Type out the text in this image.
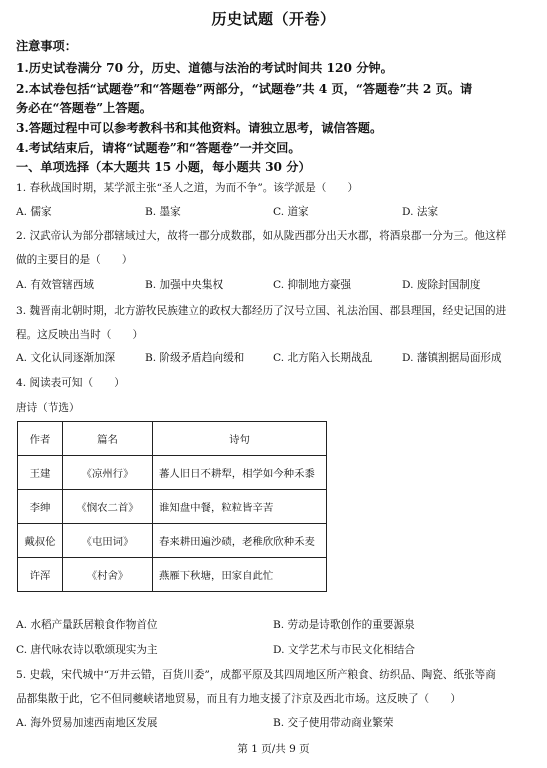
历史试题（开卷）
注意事项：
1.历史试卷满分 70 分，历史、道德与法治的考试时间共 120 分钟。
2.本试卷包括“试题卷”和“答题卷”两部分，“试题卷”共 4 页，“答题卷”共 2 页。请
务必在“答题卷”上答题。
3.答题过程中可以参考教科书和其他资料。请独立思考，诚信答题。
4.考试结束后，请将“试题卷”和“答题卷”一并交回。
一、单项选择（本大题共 15 小题，每小题共 30 分）
1. 春秋战国时期，某学派主张“圣人之道，为而不争”。该学派是（　　）
A. 儒家	B. 墨家	C. 道家	D. 法家
2. 汉武帝认为部分郡辖域过大，故将一郡分成数郡，如从陇西郡分出天水郡，将酒泉郡一分为三。他这样
做的主要目的是（　　）
A. 有效管辖西域	B. 加强中央集权	C. 抑制地方豪强	D. 废除封国制度
3. 魏晋南北朝时期，北方游牧民族建立的政权大都经历了汉号立国、礼法治国、郡县理国，经史记国的进
程。这反映出当时（　　）
A. 文化认同逐渐加深	B. 阶级矛盾趋向缓和	C. 北方陷入长期战乱	D. 藩镇割据局面形成
4. 阅读表可知（　　）
唐诗（节选）
作者	篇名	诗句
王建	《凉州行》	蕃人旧日不耕犁，相学如今种禾黍
李绅	《悯农二首》	谁知盘中餐，粒粒皆辛苦
戴叔伦	《屯田词》	春来耕田遍沙碛，老稚欣欣种禾麦
许浑	《村舍》	燕雁下秋塘，田家自此忙
A. 水稻产量跃居粮食作物首位	B. 劳动是诗歌创作的重要源泉
C. 唐代咏农诗以歌颂现实为主	D. 文学艺术与市民文化相结合
5. 史载，宋代城中“万井云错，百货川委”，成都平原及其四周地区所产粮食、纺织品、陶瓷、纸张等商
品都集散于此，它不但同夔峡诸地贸易，而且有力地支援了汴京及西北市场。这反映了（　　）
A. 海外贸易加速西南地区发展	B. 交子使用带动商业繁荣
第 1 页/共 9 页
